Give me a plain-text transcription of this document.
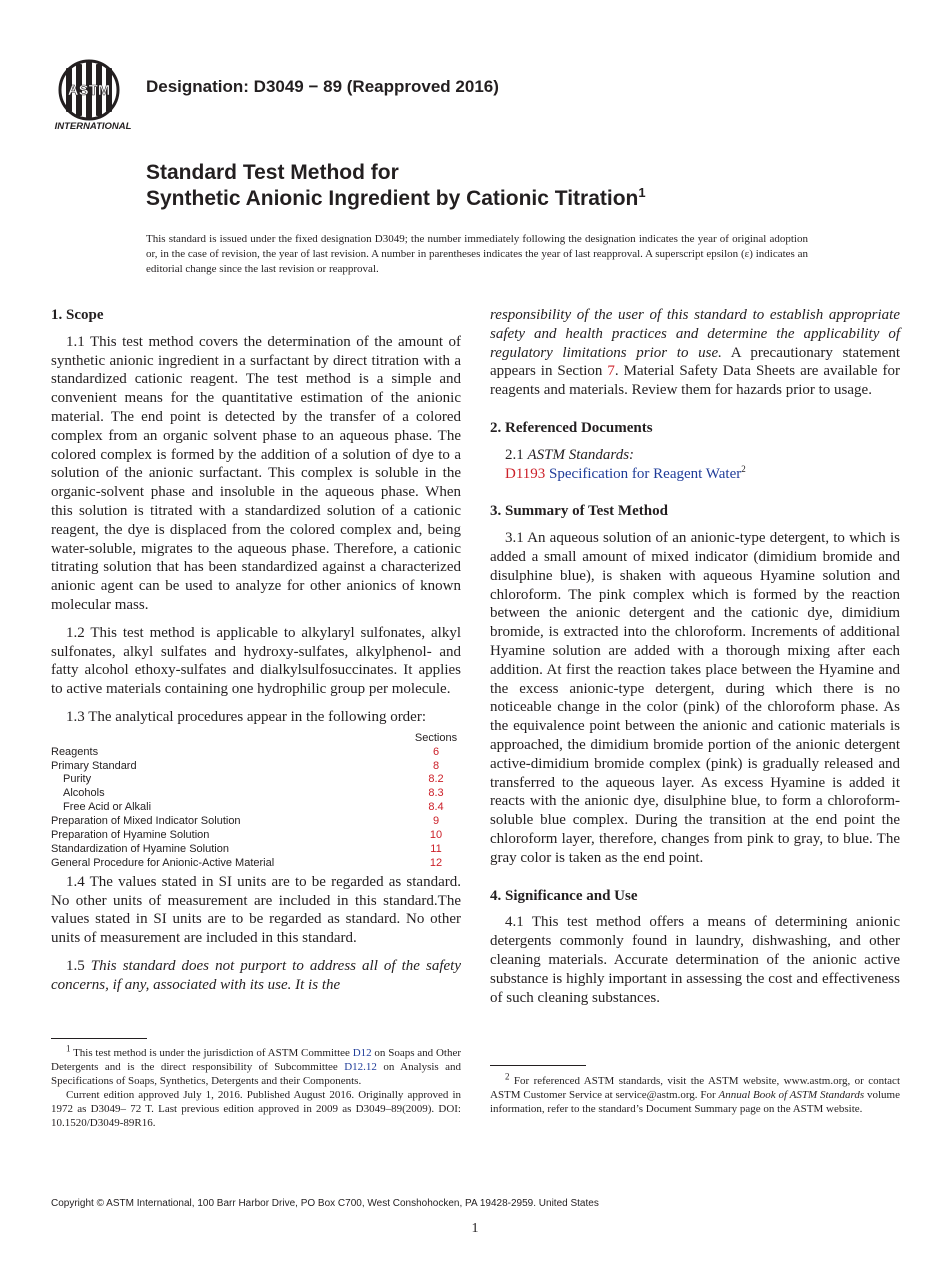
ASTM
INTERNATIONAL
Designation: D3049 − 89 (Reapproved 2016)
Standard Test Method for
Synthetic Anionic Ingredient by Cationic Titration$^1$
This standard is issued under the fixed designation D3049; the number immediately following the designation indicates the year of original adoption or, in the case of revision, the year of last revision. A number in parentheses indicates the year of last reapproval. A superscript epsilon (ε) indicates an editorial change since the last revision or reapproval.
1. Scope

1.1 This test method covers the determination of the amount of synthetic anionic ingredient in a surfactant by direct titration with a standardized cationic reagent. The test method is a simple and convenient means for the quantitative estimation of the anionic material. The end point is detected by the transfer of a colored complex from an organic solvent phase to an aqueous phase. The colored complex is formed by the addition of a solution of dye to a solution of the anionic surfactant. This complex is soluble in the organic-solvent phase and insoluble in the aqueous phase. When this solution is titrated with a standardized solution of a cationic reagent, the dye is displaced from the colored complex and, being water-soluble, migrates to the aqueous phase. Therefore, a cationic titrating solution that has been standardized against a characterized anionic agent can be used to analyze for other anionics of known molecular mass.

1.2 This test method is applicable to alkylaryl sulfonates, alkyl sulfonates, alkyl sulfates and hydroxy-sulfates, alkylphenol- and fatty alcohol ethoxy-sulfates and dialkylsulfosuccinates. It applies to active materials containing one hydrophilic group per molecule.

1.3 The analytical procedures appear in the following order:

	Sections
Reagents	6
Primary Standard	8
Purity	8.2
Alcohols	8.3
Free Acid or Alkali	8.4
Preparation of Mixed Indicator Solution	9
Preparation of Hyamine Solution	10
Standardization of Hyamine Solution	11
General Procedure for Anionic-Active Material	12

1.4 The values stated in SI units are to be regarded as standard. No other units of measurement are included in this standard.The values stated in SI units are to be regarded as standard. No other units of measurement are included in this standard.

1.5 This standard does not purport to address all of the safety concerns, if any, associated with its use. It is the

$^1$ This test method is under the jurisdiction of ASTM Committee D12 on Soaps and Other Detergents and is the direct responsibility of Subcommittee D12.12 on Analysis and Specifications of Soaps, Synthetics, Detergents and their Components.

Current edition approved July 1, 2016. Published August 2016. Originally approved in 1972 as D3049– 72 T. Last previous edition approved in 2009 as D3049–89(2009). DOI: 10.1520/D3049-89R16.

responsibility of the user of this standard to establish appropriate safety and health practices and determine the applicability of regulatory limitations prior to use. A precautionary statement appears in Section 7. Material Safety Data Sheets are available for reagents and materials. Review them for hazards prior to usage.

2. Referenced Documents

2.1 ASTM Standards:

D1193 Specification for Reagent Water$^2$

3. Summary of Test Method

3.1 An aqueous solution of an anionic-type detergent, to which is added a small amount of mixed indicator (dimidium bromide and disulphine blue), is shaken with aqueous Hyamine solution and chloroform. The pink complex which is formed by the reaction between the anionic detergent and the cationic dye, dimidium bromide, is extracted into the chloroform. Increments of additional Hyamine solution are added with a thorough mixing after each addition. At first the reaction takes place between the Hyamine and the excess anionic-type detergent, during which there is no noticeable change in the color (pink) of the chloroform phase. As the equivalence point between the anionic and cationic materials is approached, the dimidium bromide portion of the anionic detergent active-dimidium bromide complex (pink) is gradually released and transferred to the aqueous layer. As excess Hyamine is added it reacts with the anionic dye, disulphine blue, to form a chloroform-soluble blue complex. During the transition at the end point the chloroform layer, therefore, changes from pink to gray, to blue. The gray color is taken as the end point.

4. Significance and Use

4.1 This test method offers a means of determining anionic detergents commonly found in laundry, dishwashing, and other cleaning materials. Accurate determination of the anionic active substance is highly important in assessing the cost and effectiveness of such cleaning substances.

$^2$ For referenced ASTM standards, visit the ASTM website, www.astm.org, or contact ASTM Customer Service at service@astm.org. For Annual Book of ASTM Standards volume information, refer to the standard’s Document Summary page on the ASTM website.

Copyright © ASTM International, 100 Barr Harbor Drive, PO Box C700, West Conshohocken, PA 19428-2959. United States
1
